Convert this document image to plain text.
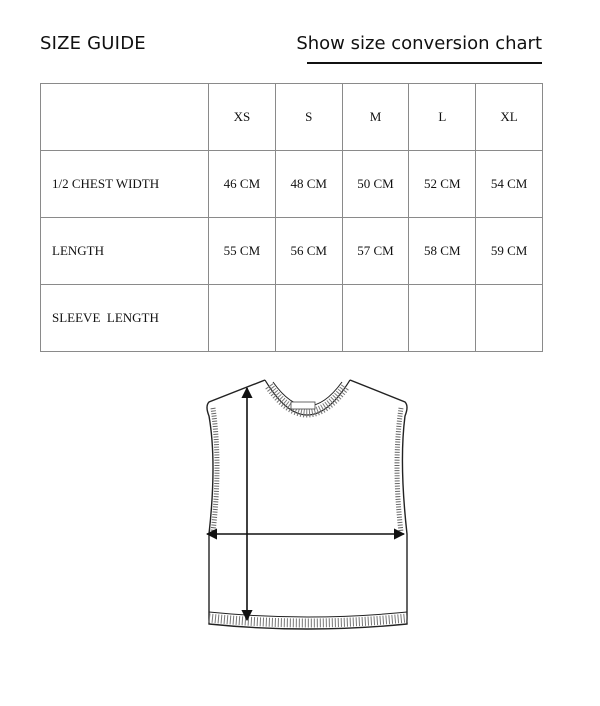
SIZE GUIDE	Show size conversion chart
	XS	S	M	L	XL
1/2 CHEST WIDTH	46 CM	48 CM	50 CM	52 CM	54 CM
LENGTH	55 CM	56 CM	57 CM	58 CM	59 CM
SLEEVE  LENGTH					
